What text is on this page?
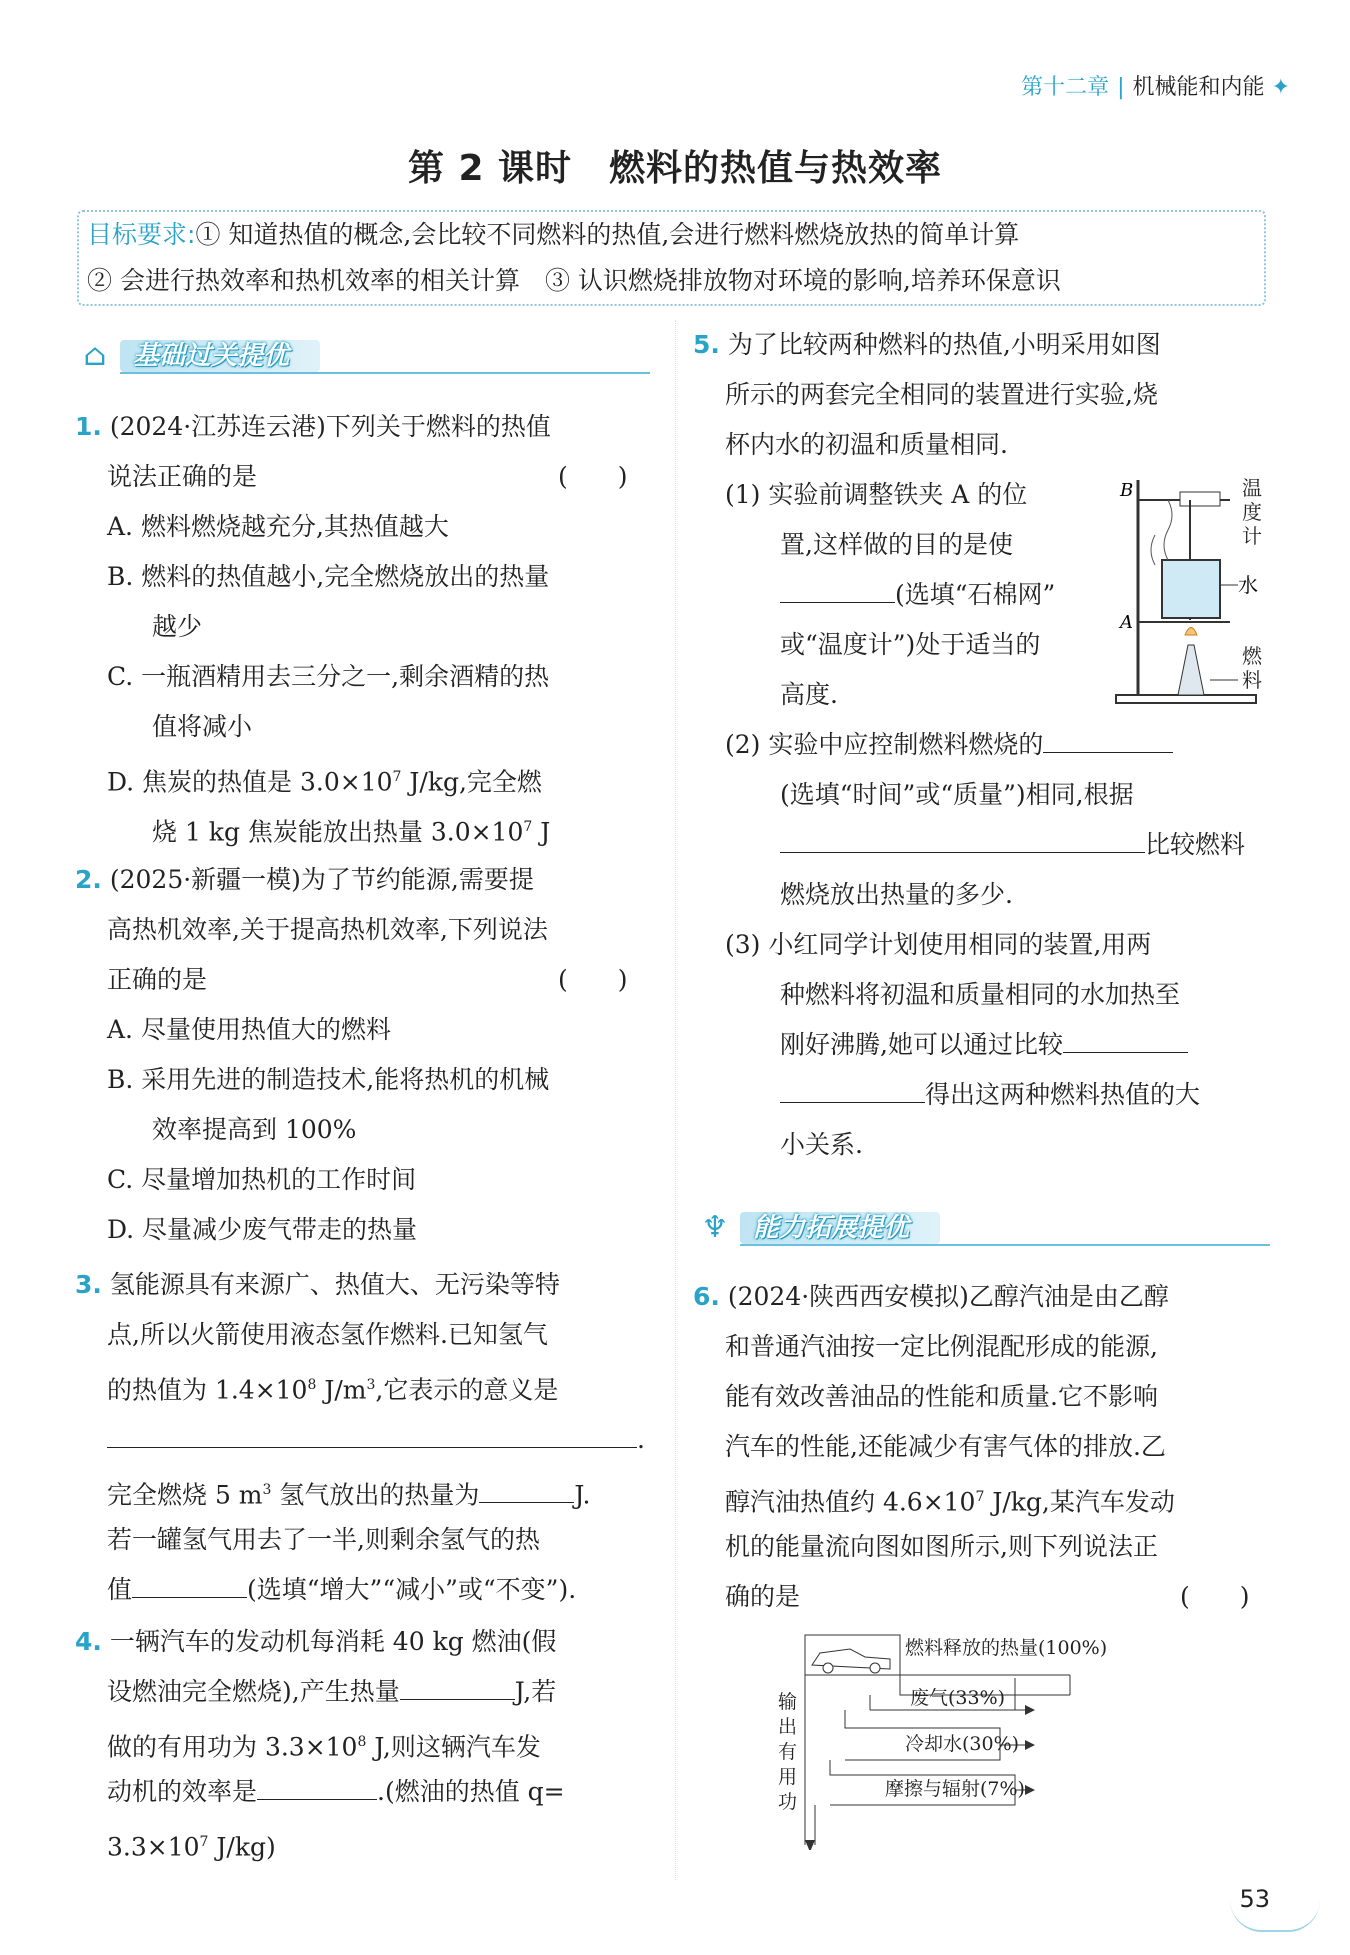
第十二章 | 机械能和内能 ✦
第 2 课时　燃料的热值与热效率
目标要求:① 知道热值的概念,会比较不同燃料的热值,会进行燃料燃烧放热的简单计算
② 会进行热效率和热机效率的相关计算　③ 认识燃烧排放物对环境的影响,培养环保意识
⌂	基础过关提优
1. (2024·江苏连云港)下列关于燃料的热值
说法正确的是	(　　)
A. 燃料燃烧越充分,其热值越大
B. 燃料的热值越小,完全燃烧放出的热量
越少
C. 一瓶酒精用去三分之一,剩余酒精的热
值将减小
D. 焦炭的热值是 $3.0\times 10^7$ J/kg,完全燃
烧 1 kg 焦炭能放出热量 $3.0\times 10^7$ J
2. (2025·新疆一模)为了节约能源,需要提
高热机效率,关于提高热机效率,下列说法
正确的是	(　　)
A. 尽量使用热值大的燃料
B. 采用先进的制造技术,能将热机的机械
效率提高到 100%
C. 尽量增加热机的工作时间
D. 尽量减少废气带走的热量
3. 氢能源具有来源广、热值大、无污染等特
点,所以火箭使用液态氢作燃料.已知氢气
的热值为 $1.4\times 10^8$ $J/m^3$,它表示的意义是
.
完全燃烧 5 $m^3$ 氢气放出的热量为	J.
若一罐氢气用去了一半,则剩余氢气的热
值	(选填“增大”“减小”或“不变”).
4. 一辆汽车的发动机每消耗 40 kg 燃油(假
设燃油完全燃烧),产生热量	J,若
做的有用功为 $3.3\times 10^8$ J,则这辆汽车发
动机的效率是	.(燃油的热值 q=
$3.3\times 10^7$ J/kg)
5. 为了比较两种燃料的热值,小明采用如图
所示的两套完全相同的装置进行实验,烧
杯内水的初温和质量相同.
(1) 实验前调整铁夹 A 的位
置,这样做的目的是使
(选填“石棉网”
或“温度计”)处于适当的
高度.
B
A
水
温度计
燃料
(2) 实验中应控制燃料燃烧的
(选填“时间”或“质量”)相同,根据
比较燃料
燃烧放出热量的多少.
(3) 小红同学计划使用相同的装置,用两
种燃料将初温和质量相同的水加热至
刚好沸腾,她可以通过比较
得出这两种燃料热值的大
小关系.
♆ 能力拓展提优
6. (2024·陕西西安模拟)乙醇汽油是由乙醇
和普通汽油按一定比例混配形成的能源,
能有效改善油品的性能和质量.它不影响
汽车的性能,还能减少有害气体的排放.乙
醇汽油热值约 $4.6\times 10^7$ J/kg,某汽车发动
机的能量流向图如图所示,则下列说法正
确的是	(　　)
燃料释放的热量(100%)
废气(33%)
冷却水(30%)
摩擦与辐射(7%)
输出有用功
53
